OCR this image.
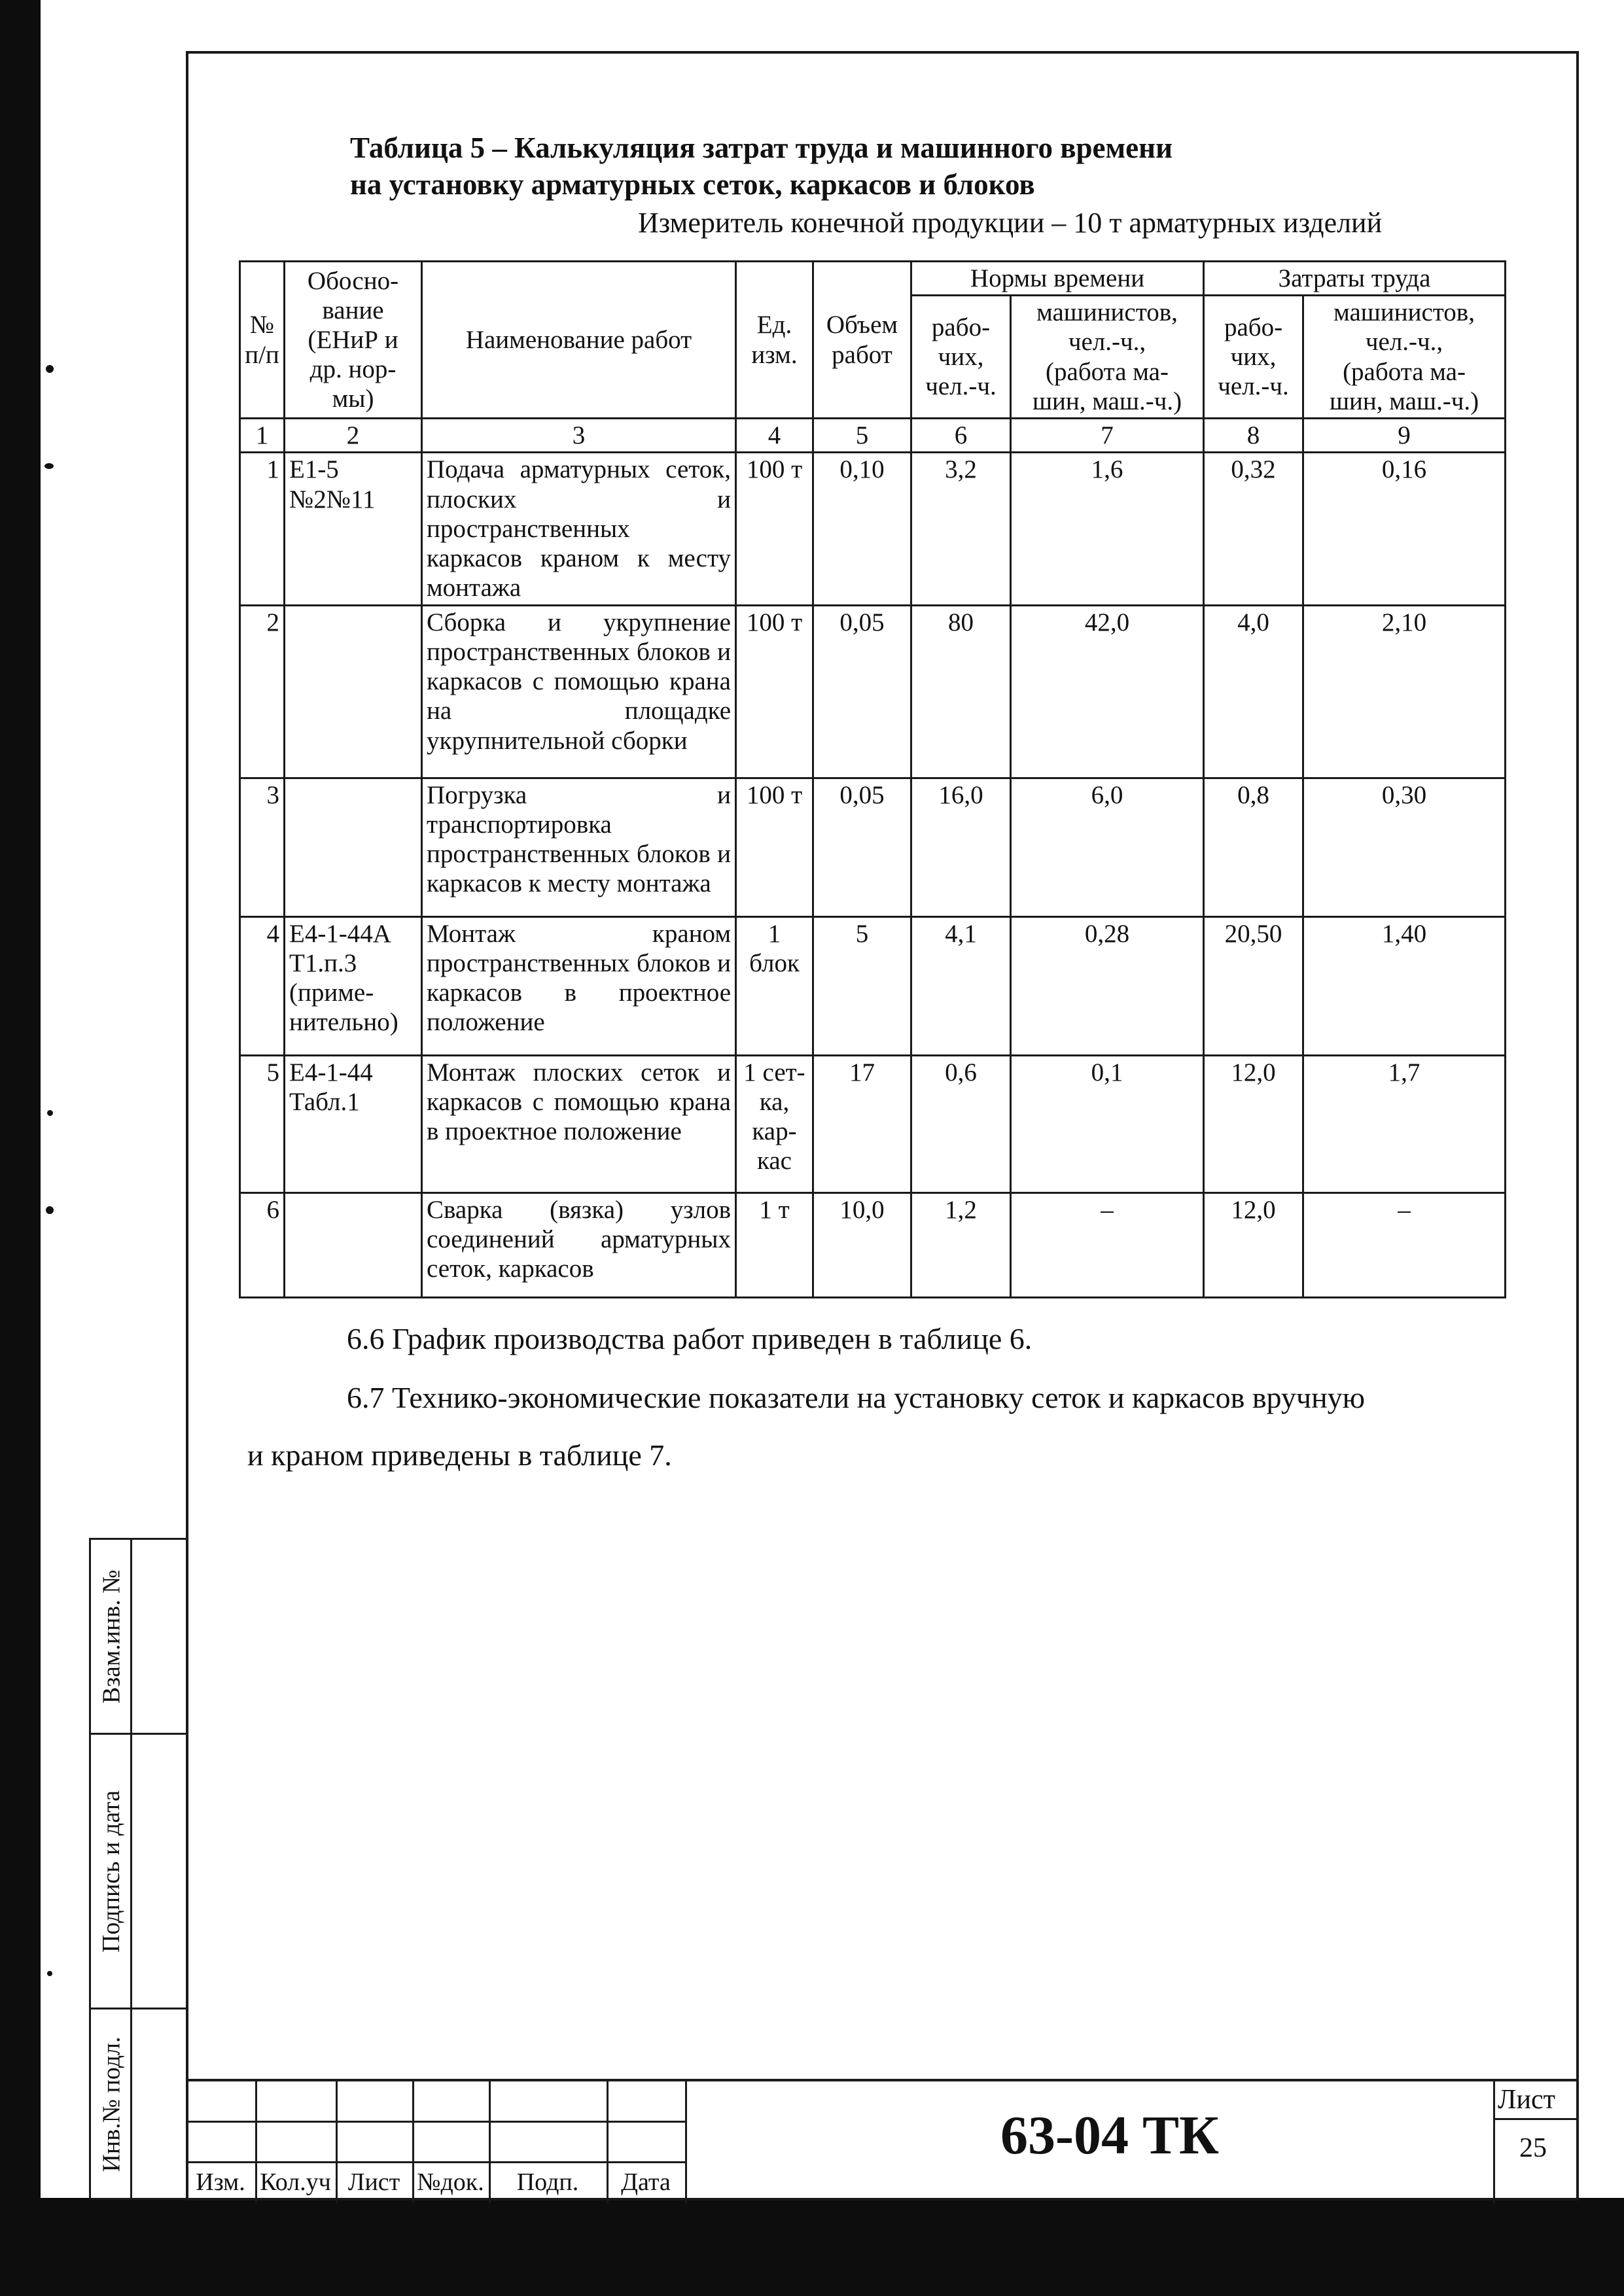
Взам.инв. №
Подпись и дата
Инв.№ подл.
Таблица 5 – Калькуляция затрат труда и машинного времени
на установку арматурных сеток, каркасов и блоков
Измеритель конечной продукции – 10 т арматурных изделий
№
п/п	Обосно-
вание
(ЕНиР и
др. нор-
мы)	Наименование работ	Ед.
изм.	Объем
работ	Нормы времени		Затраты труда	
					рабо-
чих,
чел.-ч.	машинистов,
чел.-ч.,
(работа ма-
шин, маш.-ч.)	рабо-
чих,
чел.-ч.	машинистов,
чел.-ч.,
(работа ма-
шин, маш.-ч.)
1	2	3	4	5	6	7	8	9
1	Е1-5
№2№11	Подача арматурных сеток, плоских и пространственных каркасов краном к месту монтажа	100 т	0,10	3,2	1,6	0,32	0,16
2		Сборка и укрупнение пространственных блоков и каркасов с помощью крана на площадке укрупнительной сборки	100 т	0,05	80	42,0	4,0	2,10
3		Погрузка и транспортировка пространственных блоков и каркасов к месту монтажа	100 т	0,05	16,0	6,0	0,8	0,30
4	Е4-1-44А
Т1.п.3
(приме-
нительно)	Монтаж краном пространственных блоков и каркасов в проектное положение	1
блок	5	4,1	0,28	20,50	1,40
5	Е4-1-44
Табл.1	Монтаж плоских сеток и каркасов с помощью крана в проектное положение	1 сет-
ка,
кар-
кас	17	0,6	0,1	12,0	1,7
6		Сварка (вязка) узлов соединений арматурных сеток, каркасов	1 т	10,0	1,2	–	12,0	–
6.6 График производства работ приведен в таблице 6.
6.7 Технико-экономические показатели на установку сеток и каркасов вручную
и краном приведены в таблице 7.
Изм. Кол.уч Лист №док.	Подп.	Дата
63-04 ТК
Лист
25
